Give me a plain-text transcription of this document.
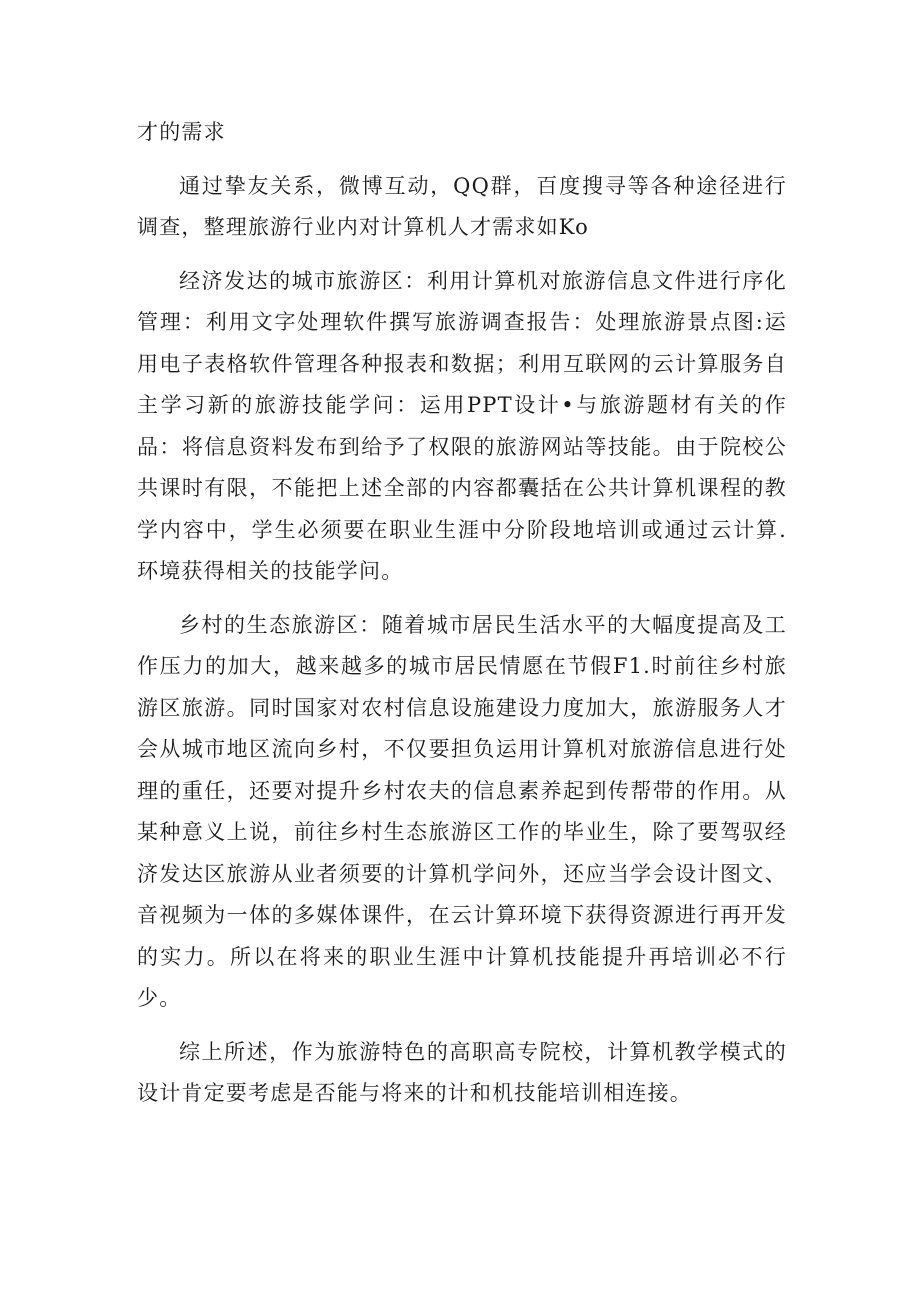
才的需求

通过挚友关系，微博互动，QQ群，百度搜寻等各种途径进行调查，整理旅游行业内对计算机人才需求如Ko

经济发达的城市旅游区：利用计算机对旅游信息文件进行序化管理：利用文字处理软件撰写旅游调查报告：处理旅游景点图:运用电子表格软件管理各种报表和数据；利用互联网的云计算服务自主学习新的旅游技能学问：运用PPT设计•与旅游题材有关的作品：将信息资料发布到给予了权限的旅游网站等技能。由于院校公共课时有限，不能把上述全部的内容都囊括在公共计算机课程的教学内容中，学生必须要在职业生涯中分阶段地培训或通过云计算.环境获得相关的技能学问。

乡村的生态旅游区：随着城市居民生活水平的大幅度提高及工作压力的加大，越来越多的城市居民情愿在节假F1.时前往乡村旅游区旅游。同时国家对农村信息设施建设力度加大，旅游服务人才会从城市地区流向乡村，不仅要担负运用计算机对旅游信息进行处理的重任，还要对提升乡村农夫的信息素养起到传帮带的作用。从某种意义上说，前往乡村生态旅游区工作的毕业生，除了要驾驭经济发达区旅游从业者须要的计算机学问外，还应当学会设计图文、音视频为一体的多媒体课件，在云计算环境下获得资源进行再开发的实力。所以在将来的职业生涯中计算机技能提升再培训必不行少。

综上所述，作为旅游特色的高职高专院校，计算机教学模式的设计肯定要考虑是否能与将来的计和机技能培训相连接。
